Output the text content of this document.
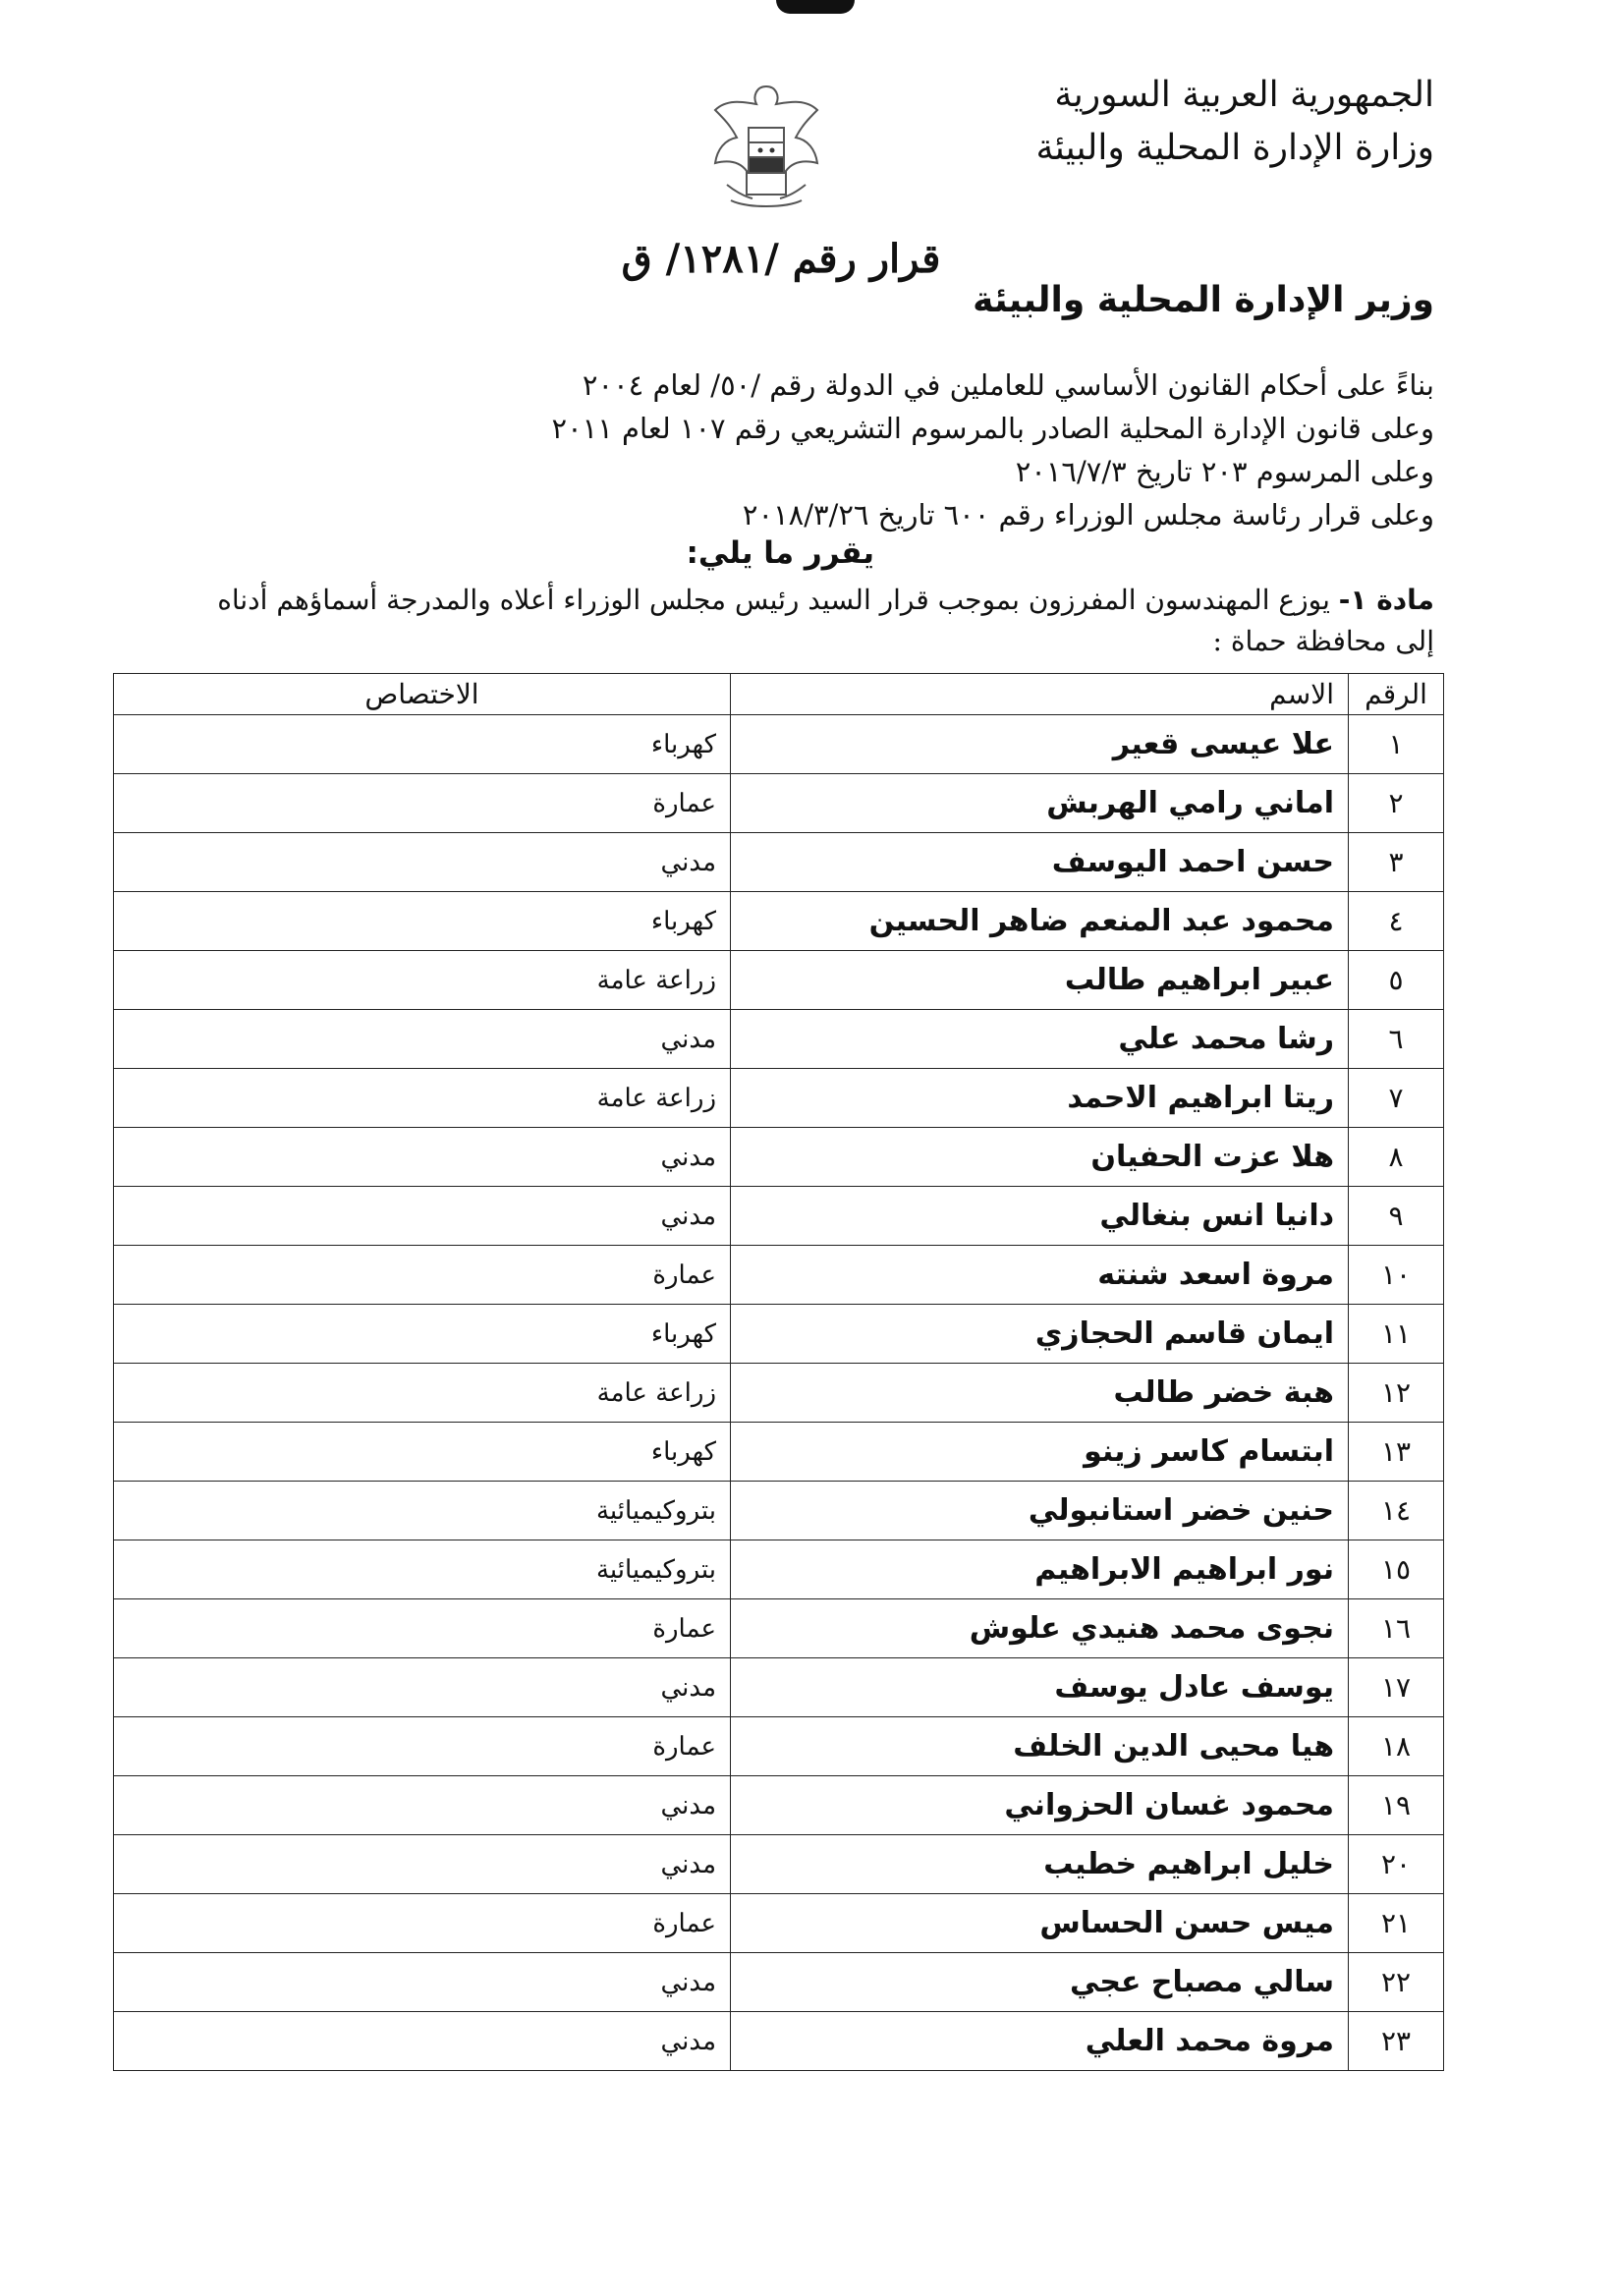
الجمهورية العربية السورية
وزارة الإدارة المحلية والبيئة
قرار رقم /١٢٨١/ ق
وزير الإدارة المحلية والبيئة
بناءً على أحكام القانون الأساسي للعاملين في الدولة رقم /٥٠/ لعام ٢٠٠٤
وعلى قانون الإدارة المحلية الصادر بالمرسوم التشريعي رقم ١٠٧ لعام ٢٠١١
وعلى المرسوم ٢٠٣ تاريخ ٢٠١٦/٧/٣
وعلى قرار رئاسة مجلس الوزراء رقم ٦٠٠ تاريخ ٢٠١٨/٣/٢٦
يقرر ما يلي:
مادة ١- يوزع المهندسون المفرزون بموجب قرار السيد رئيس مجلس الوزراء أعلاه والمدرجة أسماؤهم أدناه
إلى محافظة حماة :
الرقم	الاسم	الاختصاص
١	علا عيسى قعير	كهرباء
٢	اماني رامي الهربش	عمارة
٣	حسن احمد اليوسف	مدني
٤	محمود عبد المنعم ضاهر الحسين	كهرباء
٥	عبير ابراهيم طالب	زراعة عامة
٦	رشا محمد علي	مدني
٧	ريتا ابراهيم الاحمد	زراعة عامة
٨	هلا عزت الحفيان	مدني
٩	دانيا انس بنغالي	مدني
١٠	مروة اسعد شنته	عمارة
١١	ايمان قاسم الحجازي	كهرباء
١٢	هبة خضر طالب	زراعة عامة
١٣	ابتسام كاسر زينو	كهرباء
١٤	حنين خضر استانبولي	بتروكيميائية
١٥	نور ابراهيم الابراهيم	بتروكيميائية
١٦	نجوى محمد هنيدي علوش	عمارة
١٧	يوسف عادل يوسف	مدني
١٨	هيا محيى الدين الخلف	عمارة
١٩	محمود غسان الحزواني	مدني
٢٠	خليل ابراهيم خطيب	مدني
٢١	ميس حسن الحساس	عمارة
٢٢	سالي مصباح عجي	مدني
٢٣	مروة محمد العلي	مدني
